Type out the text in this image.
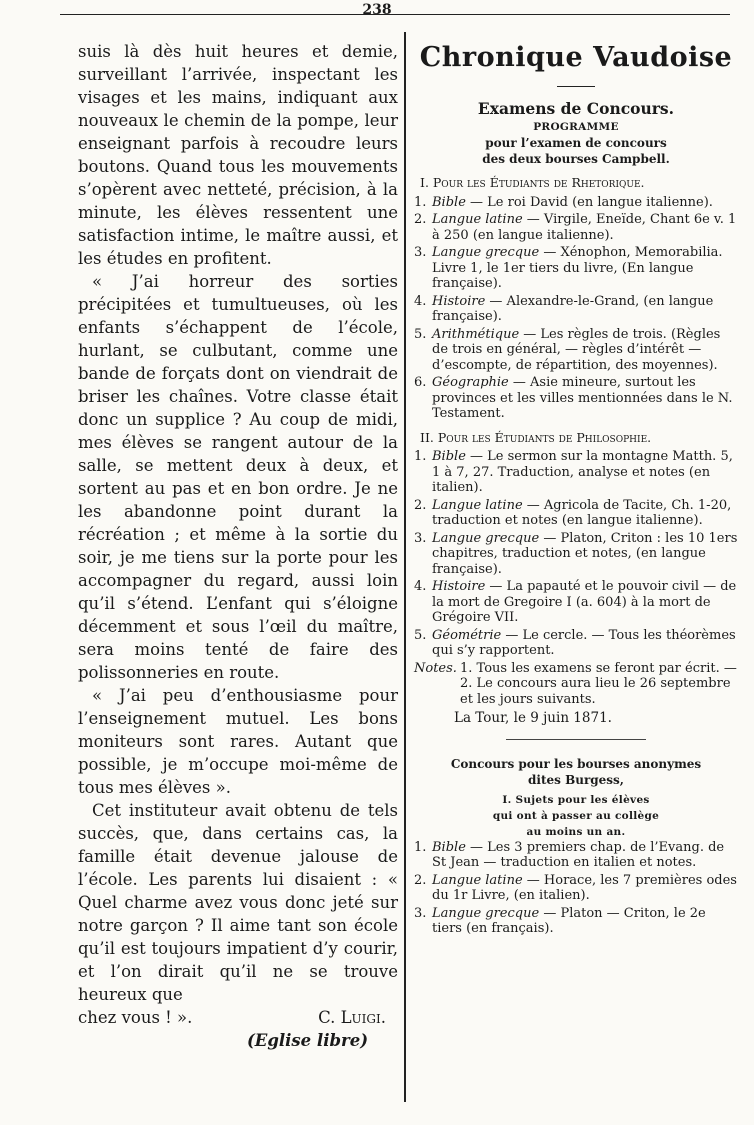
238

suis là dès huit heures et demie, surveillant l’arrivée, inspectant les visages et les mains, indiquant aux nouveaux le chemin de la pompe, leur enseignant parfois à recoudre leurs boutons. Quand tous les mouvements s’opèrent avec netteté, précision, à la minute, les élèves ressentent une satisfaction intime, le maître aussi, et les études en profitent.

« J’ai horreur des sorties précipitées et tumultueuses, où les enfants s’échappent de l’école, hurlant, se culbutant, comme une bande de forçats dont on viendrait de briser les chaînes. Votre classe était donc un supplice ? Au coup de midi, mes élèves se rangent autour de la salle, se mettent deux à deux, et sortent au pas et en bon ordre. Je ne les abandonne point durant la récréation ; et même à la sortie du soir, je me tiens sur la porte pour les accompagner du regard, aussi loin qu’il s’étend. L’enfant qui s’éloigne décemment et sous l’œil du maître, sera moins tenté de faire des polissonneries en route.

« J’ai peu d’enthousiasme pour l’enseignement mutuel. Les bons moniteurs sont rares. Autant que possible, je m’occupe moi-même de tous mes élèves ».

Cet instituteur avait obtenu de tels succès, que, dans certains cas, la famille était devenue jalouse de l’école. Les parents lui disaient : « Quel charme avez vous donc jeté sur notre garçon ? Il aime tant son école qu’il est toujours impatient d’y courir, et l’on dirait qu’il ne se trouve heureux que

chez vous ! ».	C. Luigi.
(Eglise libre)
Chronique Vaudoise
Examens de Concours.
PROGRAMME
pour l’examen de concours
des deux bourses Campbell.
I. Pour les Étudiants de Rhetorique.
1. Bible — Le roi David (en langue italienne).
2. Langue latine — Virgile, Eneïde, Chant 6e v. 1 à 250 (en langue italienne).
3. Langue grecque — Xénophon, Memorabilia. Livre 1, le 1er tiers du livre, (En langue française).
4. Histoire — Alexandre-le-Grand, (en langue française).
5. Arithmétique — Les règles de trois. (Règles de trois en général, — règles d’intérêt — d’escompte, de répartition, des moyennes).
6. Géographie — Asie mineure, surtout les provinces et les villes mentionnées dans le N. Testament.
II. Pour les Étudiants de Philosophie.
1. Bible — Le sermon sur la montagne Matth. 5, 1 à 7, 27. Traduction, analyse et notes (en italien).
2. Langue latine — Agricola de Tacite, Ch. 1-20, traduction et notes (en langue italienne).
3. Langue grecque — Platon, Criton : les 10 1ers chapitres, traduction et notes, (en langue française).
4. Histoire — La papauté et le pouvoir civil — de la mort de Gregoire I (a. 604) à la mort de Grégoire VII.
5. Géométrie — Le cercle. — Tous les théorèmes qui s’y rapportent.
Notes. 1. Tous les examens se feront par écrit. — 2. Le concours aura lieu le 26 septembre et les jours suivants.
La Tour, le 9 juin 1871.
Concours pour les bourses anonymes
dites Burgess,
I. Sujets pour les élèves
qui ont à passer au collège
au moins un an.
1. Bible — Les 3 premiers chap. de l’Evang. de St Jean — traduction en italien et notes.
2. Langue latine — Horace, les 7 premières odes du 1r Livre, (en italien).
3. Langue grecque — Platon — Criton, le 2e tiers (en français).
